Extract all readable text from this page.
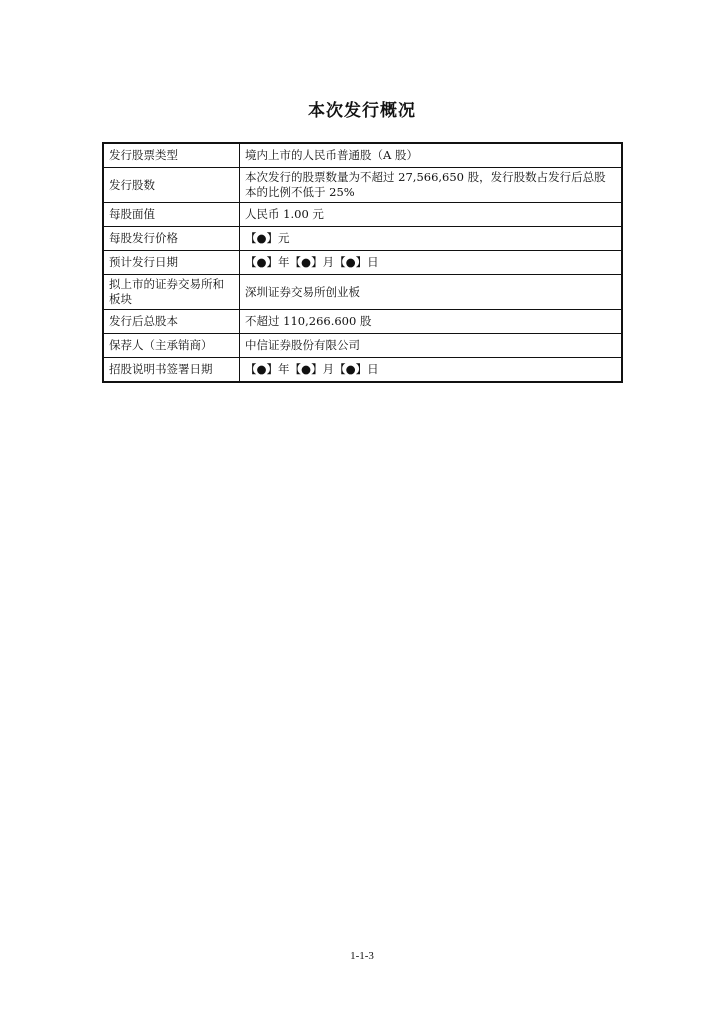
本次发行概况
发行股票类型	境内上市的人民币普通股（A 股）
发行股数	本次发行的股票数量为不超过 27,566,650 股，发行股数占发行后总股本的比例不低于 25%
每股面值	人民币 1.00 元
每股发行价格	【●】元
预计发行日期	【●】年【●】月【●】日
拟上市的证券交易所和板块	深圳证券交易所创业板
发行后总股本	不超过 110,266.600 股
保荐人（主承销商）	中信证券股份有限公司
招股说明书签署日期	【●】年【●】月【●】日
1-1-3
